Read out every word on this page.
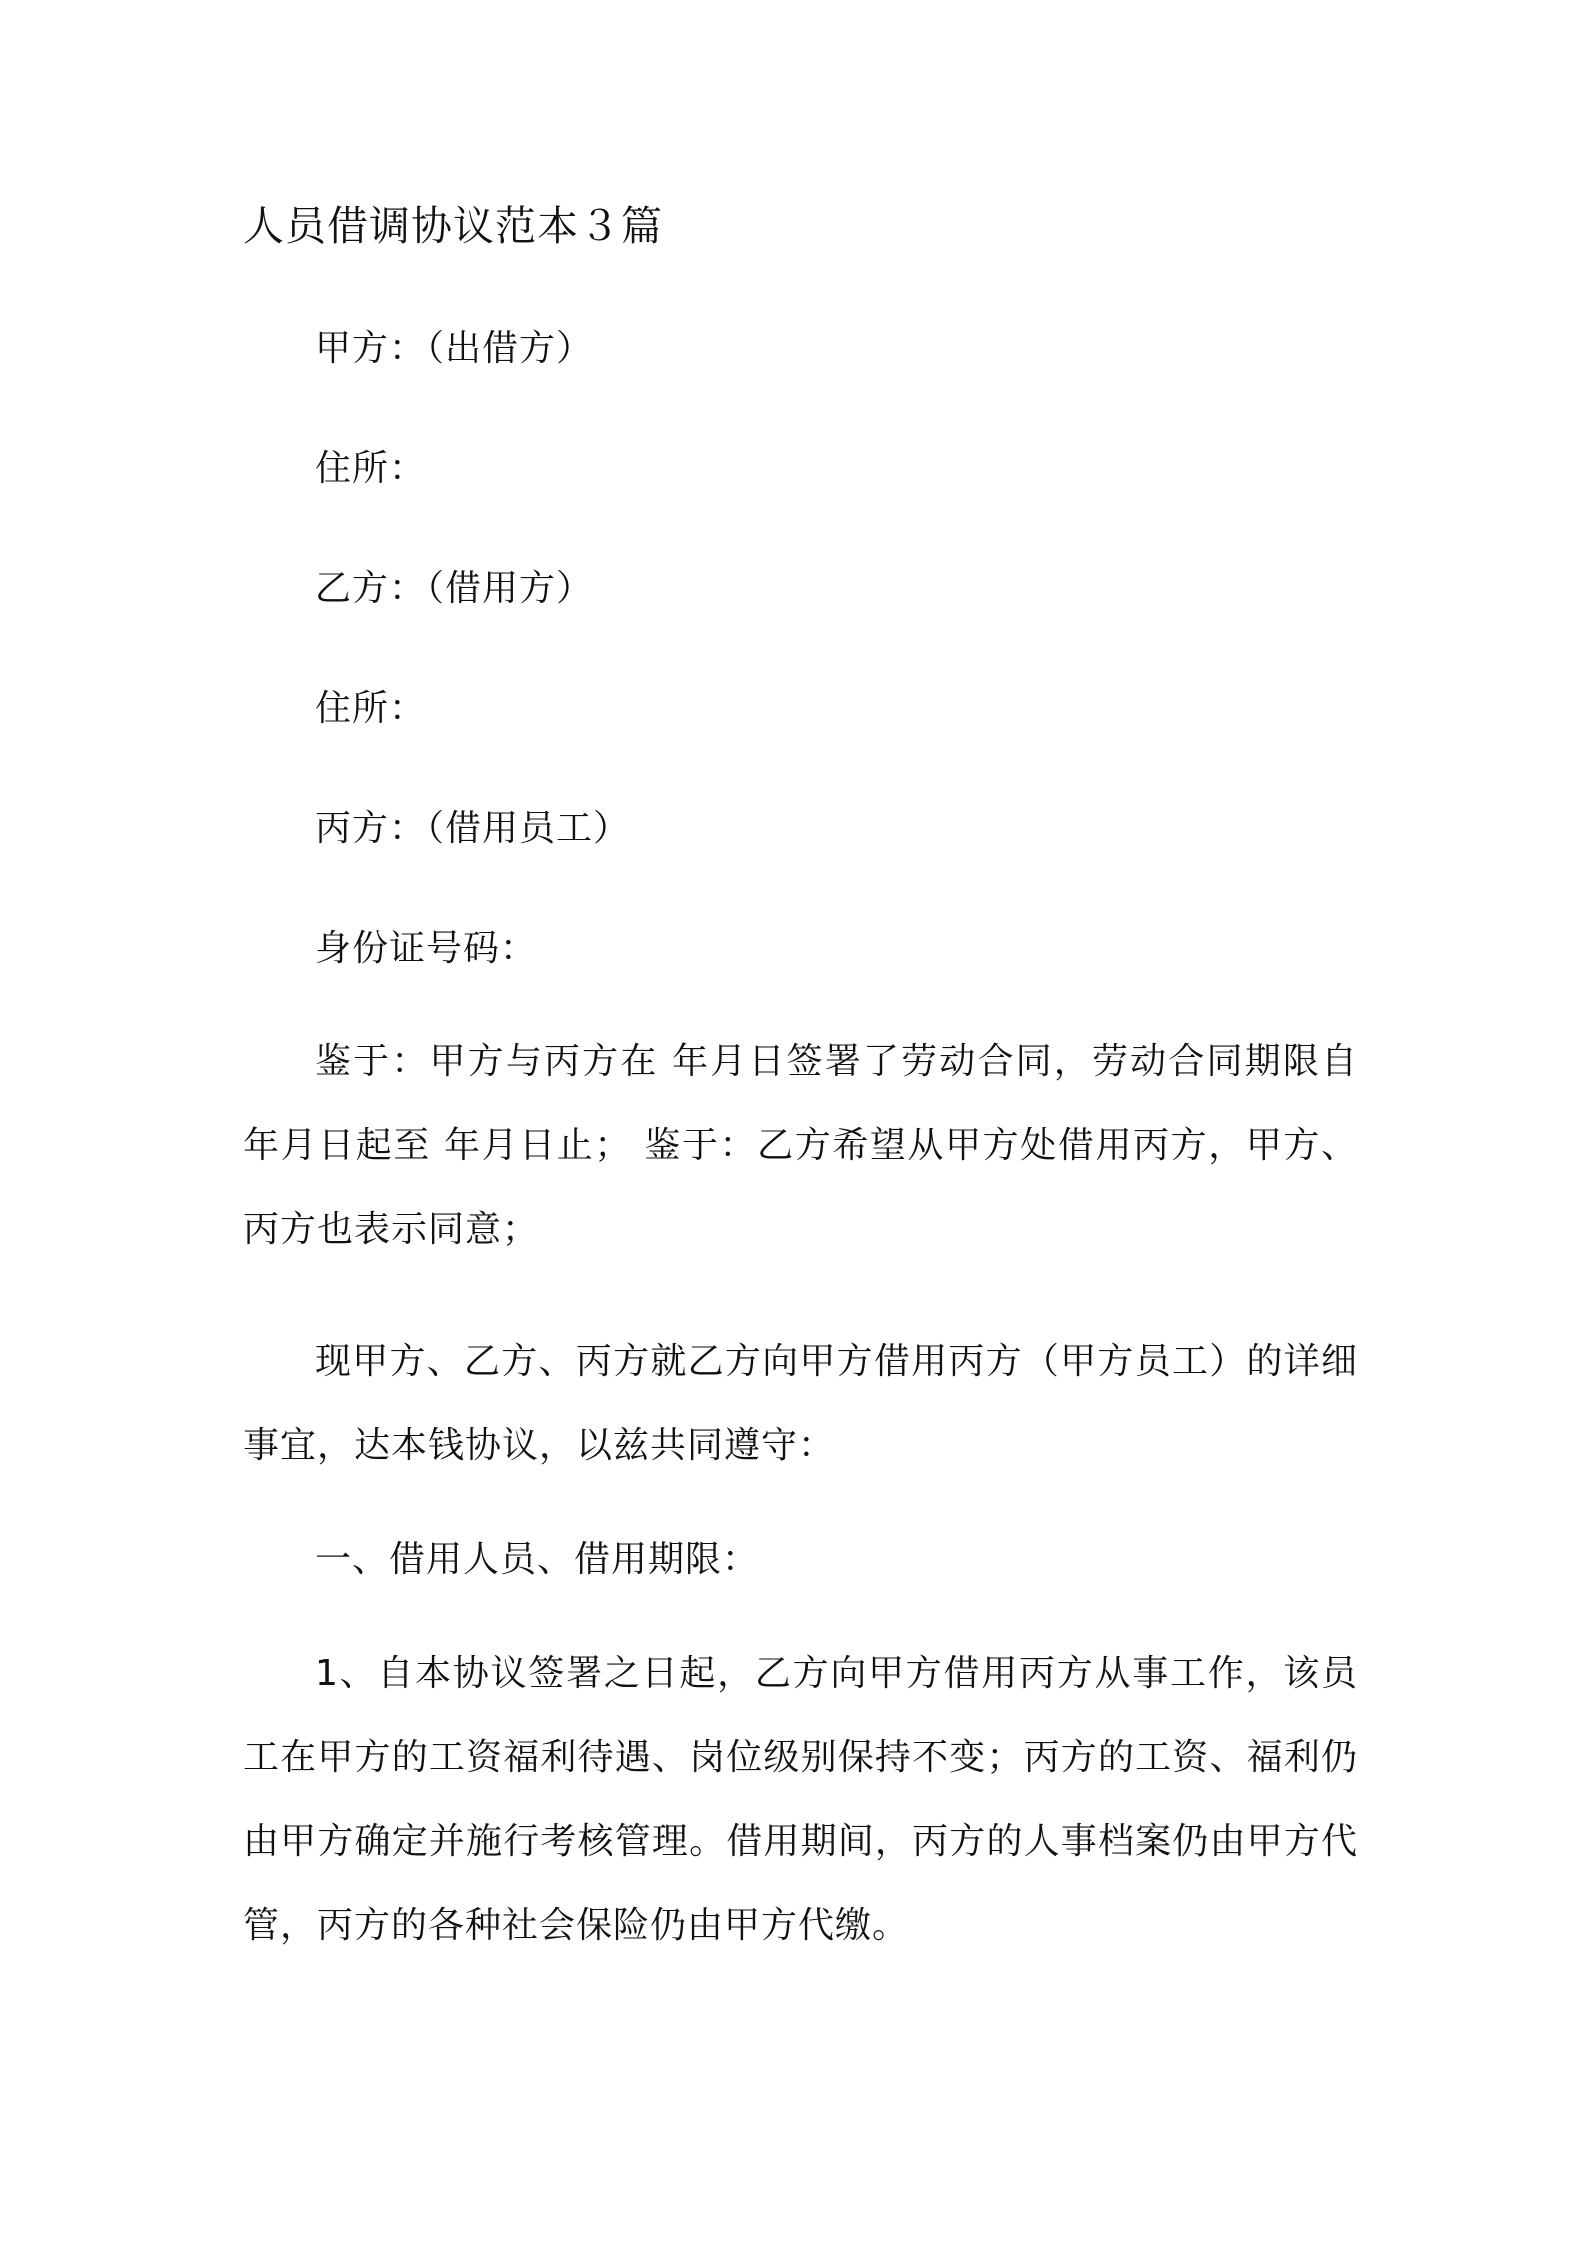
人员借调协议范本３篇
甲方：（出借方）
住所：
乙方：（借用方）
住所：
丙方：（借用员工）
身份证号码：

鉴于：甲方与丙方在 年月日签署了劳动合同，劳动合同期限自 年月日起至 年月日止； 鉴于：乙方希望从甲方处借用丙方，甲方、丙方也表示同意；

现甲方、乙方、丙方就乙方向甲方借用丙方（甲方员工）的详细事宜，达本钱协议，以兹共同遵守：

一、借用人员、借用期限：

1、自本协议签署之日起，乙方向甲方借用丙方从事工作，该员工在甲方的工资福利待遇、岗位级别保持不变；丙方的工资、福利仍由甲方确定并施行考核管理。借用期间，丙方的人事档案仍由甲方代管，丙方的各种社会保险仍由甲方代缴。
